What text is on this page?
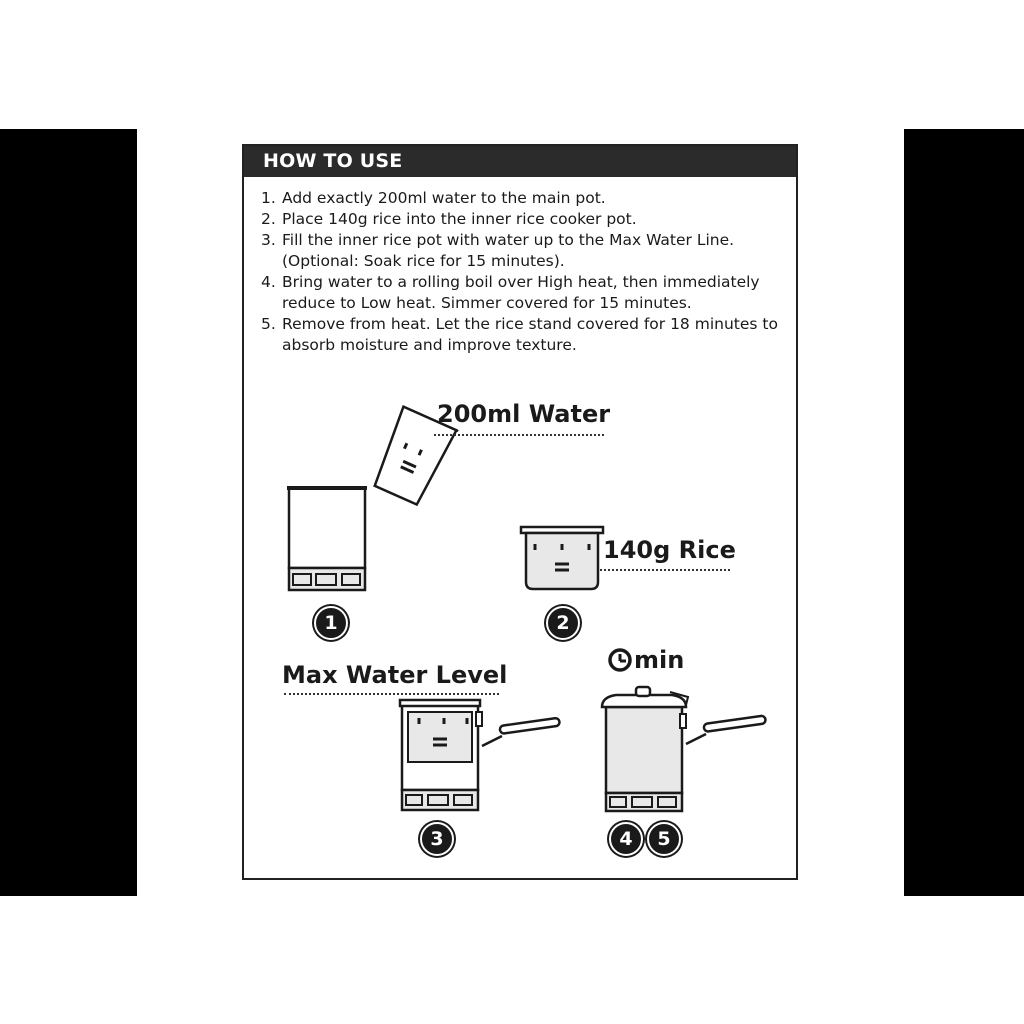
HOW TO USE
1. Add exactly 200ml water to the main pot.
2. Place 140g rice into the inner rice cooker pot.
3. Fill the inner rice pot with water up to the Max Water Line. (Optional: Soak rice for 15 minutes).
4. Bring water to a rolling boil over High heat, then immediately reduce to Low heat. Simmer covered for 15 minutes.
5. Remove from heat. Let the rice stand covered for 18 minutes to absorb moisture and improve texture.
200ml Water
140g Rice
Max Water Level
min
1	2
3	4	5
